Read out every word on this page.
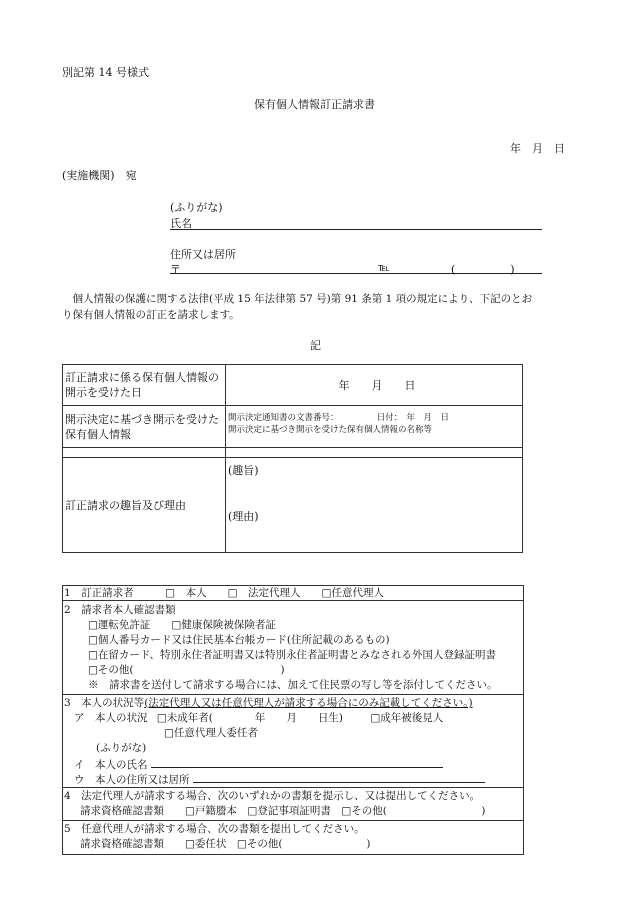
別記第 14 号様式
保有個人情報訂正請求書
年　月　日
(実施機関)　宛
(ふりがな)
氏名
住所又は居所
〒	℡	(　　　　　)
　個人情報の保護に関する法律(平成 15 年法律第 57 号)第 91 条第 1 項の規定により、下記のとお
り保有個人情報の訂正を請求します。
記
訂正請求に係る保有個人情報の開示を受けた日	年　　月　　日
開示決定に基づき開示を受けた保有個人情報	開示決定通知書の文書番号：　　　　　日付：　年　月　日
開示決定に基づき開示を受けた保有個人情報の名称等

訂正請求の趣旨及び理由	(趣旨)
(理由)
1　訂正請求者　　　□　本人　　□　法定代理人　　□任意代理人
2　請求者本人確認書類
□運転免許証　　□健康保険被保険者証
□個人番号カード又は住民基本台帳カード(住所記載のあるもの)
□在留カード、特別永住者証明書又は特別永住者証明書とみなされる外国人登録証明書
□その他(　　　　　　　　　　　　　　)
※　請求書を送付して請求する場合には、加えて住民票の写し等を添付してください。
3　本人の状況等(法定代理人又は任意代理人が請求する場合にのみ記載してください。)
ア　本人の状況 □未成年者(　　　　年　　月　　日生)	□成年被後見人
□任意代理人委任者
(ふりがな)
イ　本人の氏名
ウ　本人の住所又は居所
4　法定代理人が請求する場合、次のいずれかの書類を提示し、又は提出してください。
請求資格確認書類　　□戸籍謄本　□登記事項証明書　□その他(　　　　　　　　　)
5　任意代理人が請求する場合、次の書類を提出してください。
請求資格確認書類　　□委任状　□その他(　　　　　　　　)
